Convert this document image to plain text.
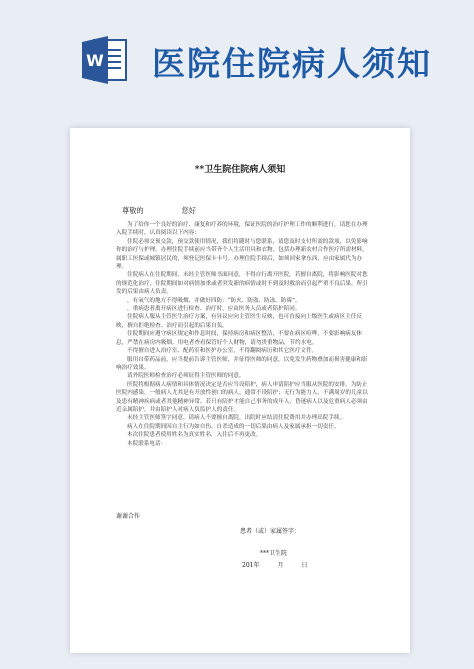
W 医院住院病人须知
**卫生院住院病人须知
尊敬的	您好

为了给你一个良好的治疗、康复和疗养的环境，保证医院的治疗护理工作的顺利进行，请您在办理入院手续时，认真阅读以下内容：

住院必须交预交款，预交款使用情况，我们将随时与您联系，请您及时支付所需的款项，以免影响你的治疗与护理。办理住院手续前应当带齐个人生活用具和衣物，包括办理新农村合作医疗所需材料，属职工医保或城镇居民的，须登记医保卡卡号。办理住院手续后，如须回家拿东西，应由家属代为办理。

住院病人在住院期间，未经主管医师书面同意，不得自行离开医院。若擅自离院，将影响医院对您的规范化治疗，住院期间如对病情加重或者突发新的病情或时不到及时救治而引起严重不良后果，所引发的后果由病人负责。

，有氧气的地方不得吸烟，并做好四防：“防火、防盗、防冻、防霉”。

，重病患者离开病区进行检查、治疗时，应由医务人员或者陪护陪同。

住院病人服从主管医生治疗方案，有异议应向主管医生反映，也可直接向上级医生或病区主任反映，擅自拒绝检查、治疗而引起的后果自负。

住院期间应遵守病区规定和作息时间，保持病房和病区整洁，不要在病区喧哗，不要影响病友休息，严禁在病房内吸烟，用电者查看保管好个人财物，请勿贵重物品，节约水电。

不得擅自进入治疗室、配药室和医护办公室，不得翻阅病历和其它医疗文件。

服用自带药品前，应当提前告诉主管医师，并征得医师的同意，以免发生药物叠加而损害健康和影响治疗效果。

请外院医师检查治疗必须征得主管医师的同意。

医院将根据病人病情和具体情况决定是否应当设陪护，病人申请陪护应当服从医院的安排。为防止医院内感染，一般病人尤其是有开放性创口的病人，通常不设陪护；无行为能力人、不满周岁的儿童以及患有精神疾病或者其他精神异常、若只有陪护才能自己事务的成年人、昏迷病人以及危重病人必须由近亲属陪护，并由陪护人对病人负监护人的责任。

未经主管医师签字同意，请病人不要擅自离院。出院时应结清住院费用并办理出院手续。

病人在住院期间因自主行为如自伤、自杀造成的一切后果由病人及家属承担一切责任。

本次住院患者使用姓名为真实姓名，入住后不再更改。

本院联系电话：

谢谢合作
患者（或）家属签字：
***卫生院
201年	月	日
